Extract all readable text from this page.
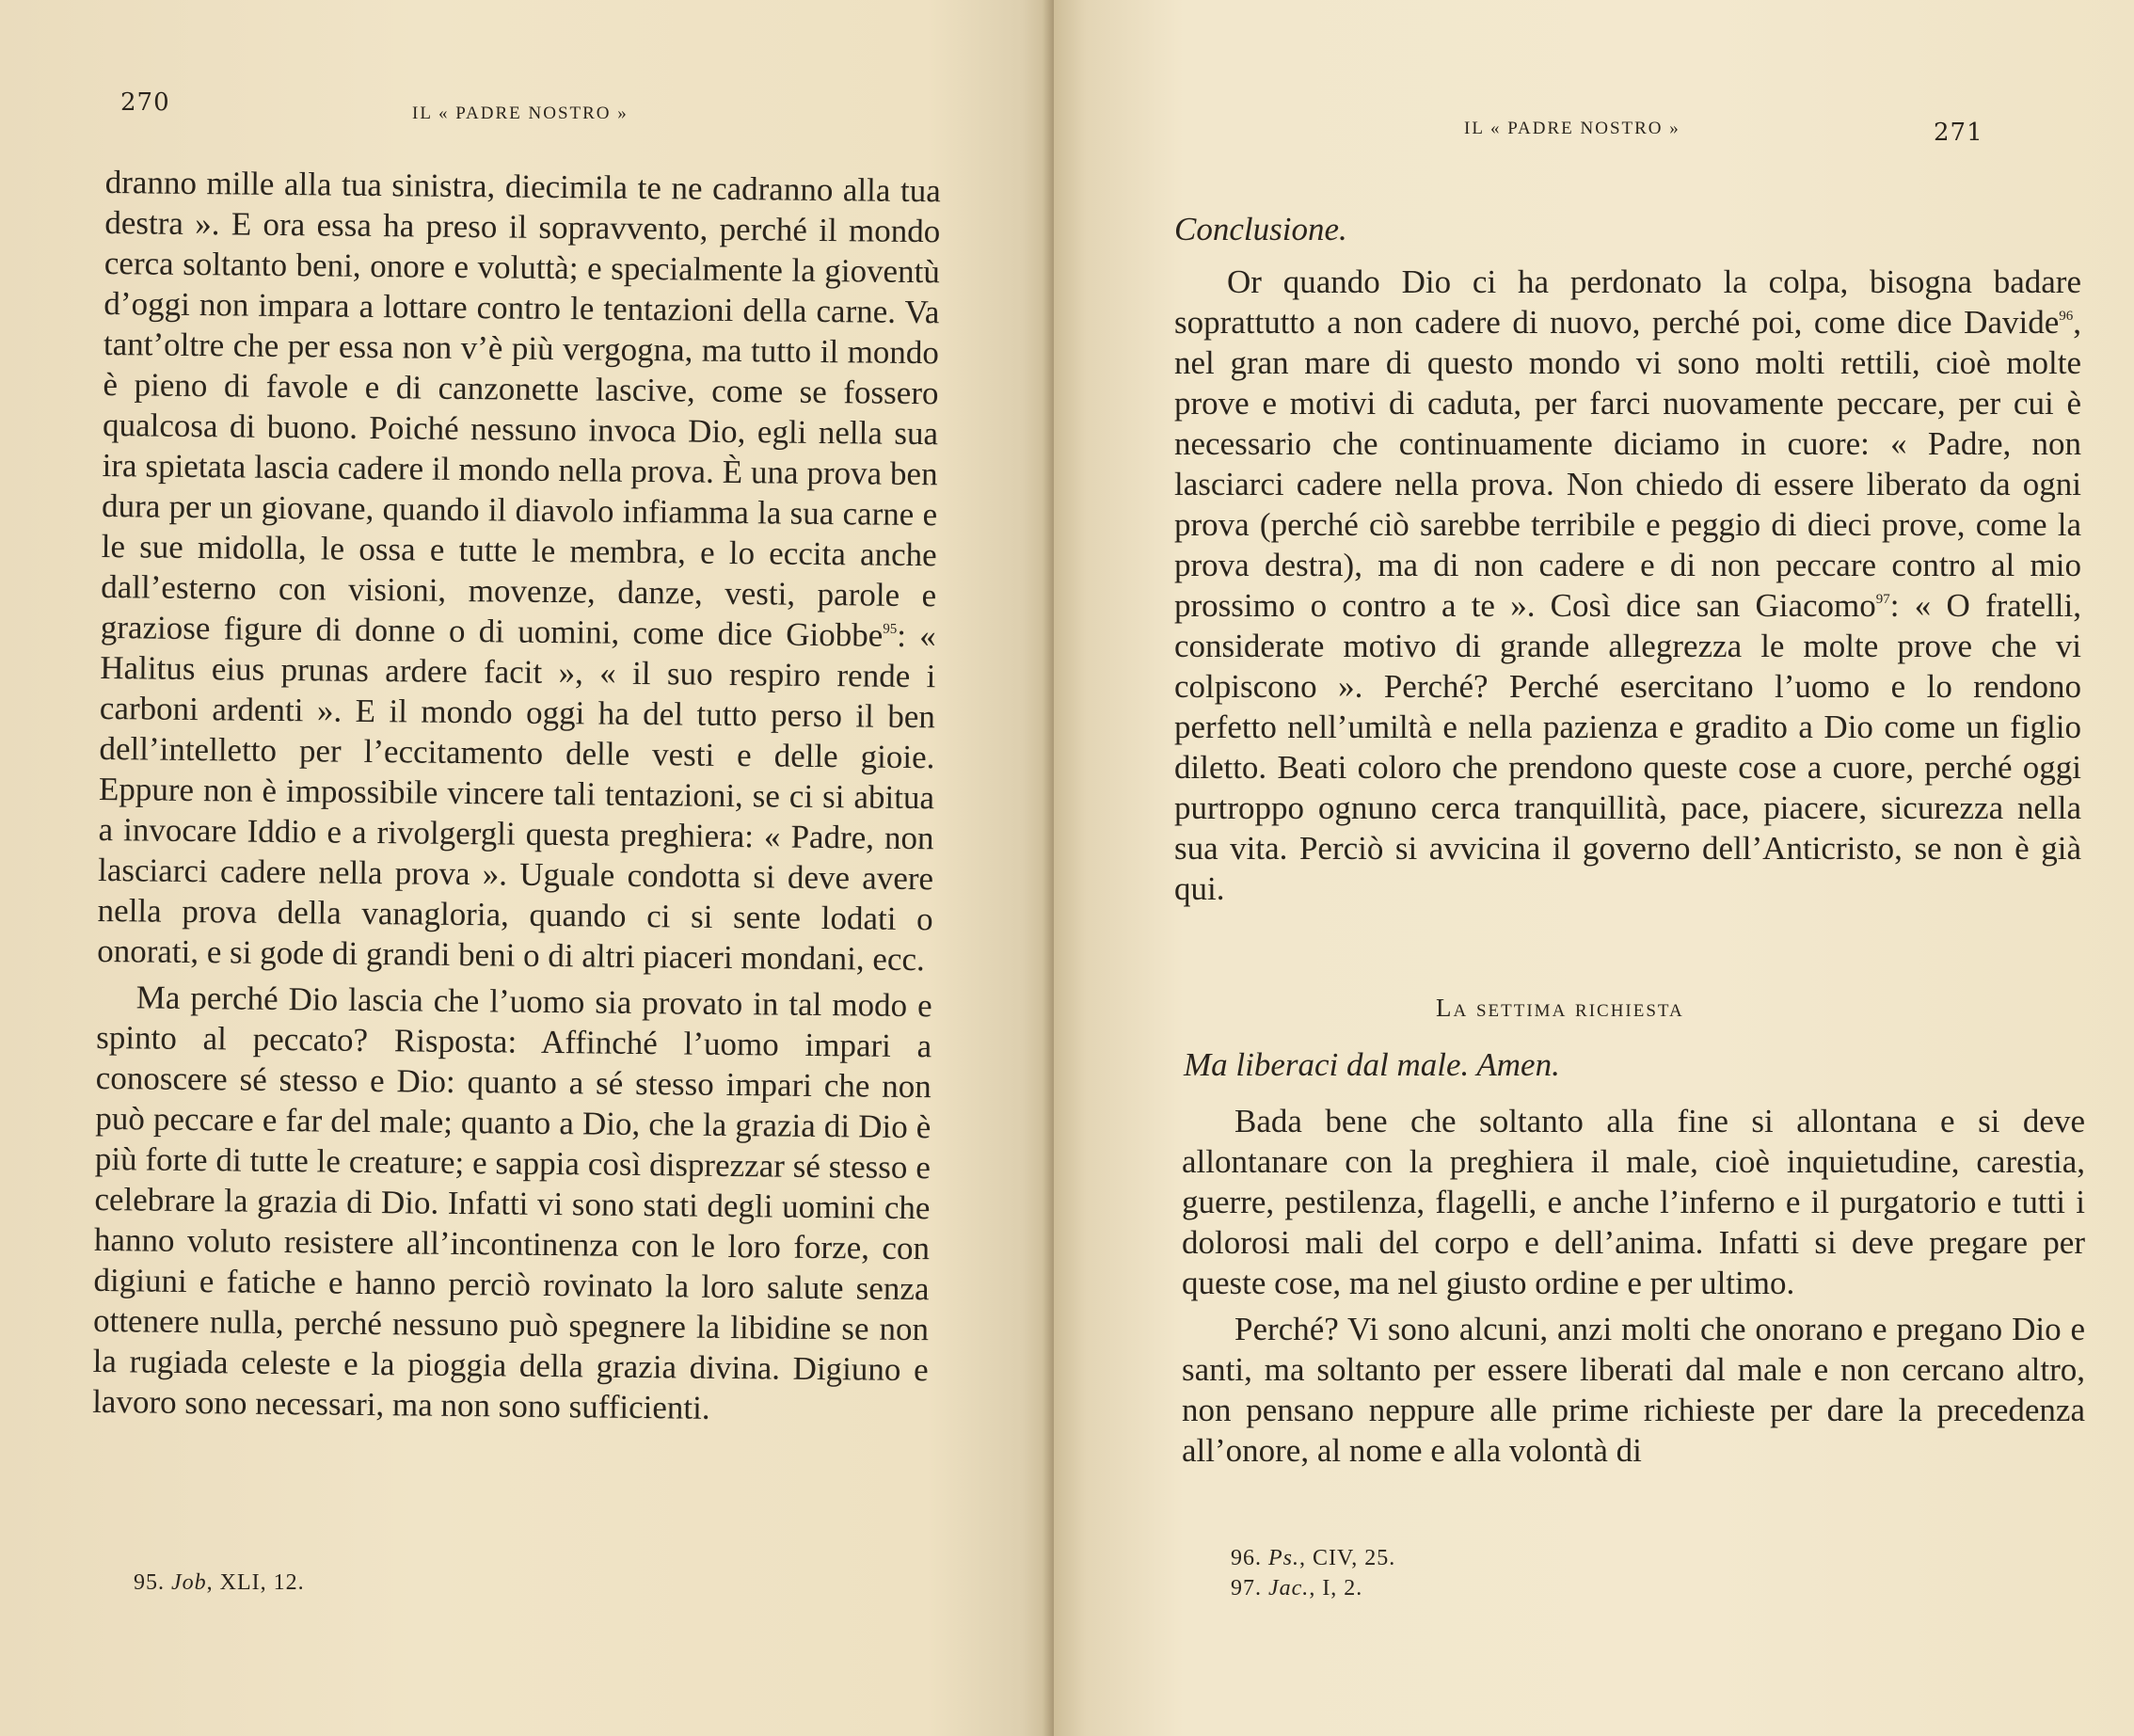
270	IL « PADRE NOSTRO »

dranno mille alla tua sinistra, diecimila te ne cadranno alla tua destra ». E ora essa ha preso il sopravvento, perché il mondo cerca soltanto beni, onore e voluttà; e specialmente la gioventù d’oggi non impara a lottare contro le tentazioni della carne. Va tant’oltre che per essa non v’è più vergogna, ma tutto il mondo è pieno di favole e di canzonette lascive, come se fossero qualcosa di buono. Poiché nessuno invoca Dio, egli nella sua ira spietata lascia cadere il mondo nella prova. È una prova ben dura per un giovane, quando il diavolo infiamma la sua carne e le sue midolla, le ossa e tutte le membra, e lo eccita anche dall’esterno con visioni, movenze, danze, vesti, parole e graziose figure di donne o di uomini, come dice Giobbe$^{95}$: « Halitus eius prunas ardere facit », « il suo respiro rende i carboni ardenti ». E il mondo oggi ha del tutto perso il ben dell’intelletto per l’eccitamento delle vesti e delle gioie. Eppure non è impossibile vincere tali tentazioni, se ci si abitua a invocare Iddio e a rivolgergli questa preghiera: « Padre, non lasciarci cadere nella prova ». Uguale condotta si deve avere nella prova della vanagloria, quando ci si sente lodati o onorati, e si gode di grandi beni o di altri piaceri mondani, ecc.

Ma perché Dio lascia che l’uomo sia provato in tal modo e spinto al peccato? Risposta: Affinché l’uomo impari a conoscere sé stesso e Dio: quanto a sé stesso impari che non può peccare e far del male; quanto a Dio, che la grazia di Dio è più forte di tutte le creature; e sappia così disprezzar sé stesso e celebrare la grazia di Dio. Infatti vi sono stati degli uomini che hanno voluto resistere all’incontinenza con le loro forze, con digiuni e fatiche e hanno perciò rovinato la loro salute senza ottenere nulla, perché nessuno può spegnere la libidine se non la rugiada celeste e la pioggia della grazia divina. Digiuno e lavoro sono necessari, ma non sono sufficienti.

95. Job, XLI, 12.
IL « PADRE NOSTRO »	271
Conclusione.

Or quando Dio ci ha perdonato la colpa, bisogna badare soprattutto a non cadere di nuovo, perché poi, come dice Davide$^{96}$, nel gran mare di questo mondo vi sono molti rettili, cioè molte prove e motivi di caduta, per farci nuovamente peccare, per cui è necessario che continuamente diciamo in cuore: « Padre, non lasciarci cadere nella prova. Non chiedo di essere liberato da ogni prova (perché ciò sarebbe terribile e peggio di dieci prove, come la prova destra), ma di non cadere e di non peccare contro al mio prossimo o contro a te ». Così dice san Giacomo$^{97}$: « O fratelli, considerate motivo di grande allegrezza le molte prove che vi colpiscono ». Perché? Perché esercitano l’uomo e lo rendono perfetto nell’umiltà e nella pazienza e gradito a Dio come un figlio diletto. Beati coloro che prendono queste cose a cuore, perché oggi purtroppo ognuno cerca tranquillità, pace, piacere, sicurezza nella sua vita. Perciò si avvicina il governo dell’Anticristo, se non è già qui.

La settima richiesta
Ma liberaci dal male. Amen.

Bada bene che soltanto alla fine si allontana e si deve allontanare con la preghiera il male, cioè inquietudine, carestia, guerre, pestilenza, flagelli, e anche l’inferno e il purgatorio e tutti i dolorosi mali del corpo e dell’anima. Infatti si deve pregare per queste cose, ma nel giusto ordine e per ultimo.

Perché? Vi sono alcuni, anzi molti che onorano e pregano Dio e santi, ma soltanto per essere liberati dal male e non cercano altro, non pensano neppure alle prime richieste per dare la precedenza all’onore, al nome e alla volontà di

96. Ps., CIV, 25.
97. Jac., I, 2.
